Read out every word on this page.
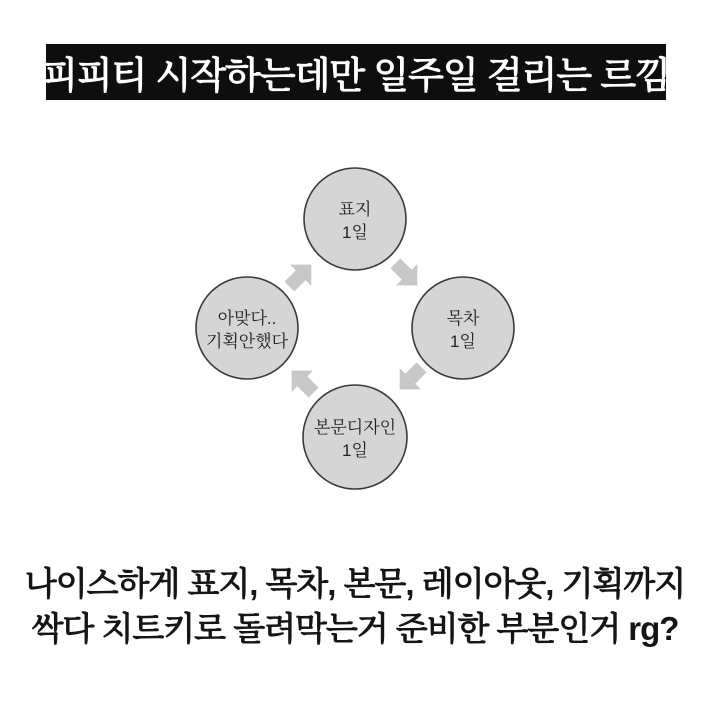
피피티 시작하는데만 일주일 걸리는 르낌
표지
1일
목차
1일
본문디자인
1일
아맞다..
기획안했다
나이스하게 표지, 목차, 본문, 레이아웃, 기획까지
싹다 치트키로 돌려막는거 준비한 부분인거 rg?
